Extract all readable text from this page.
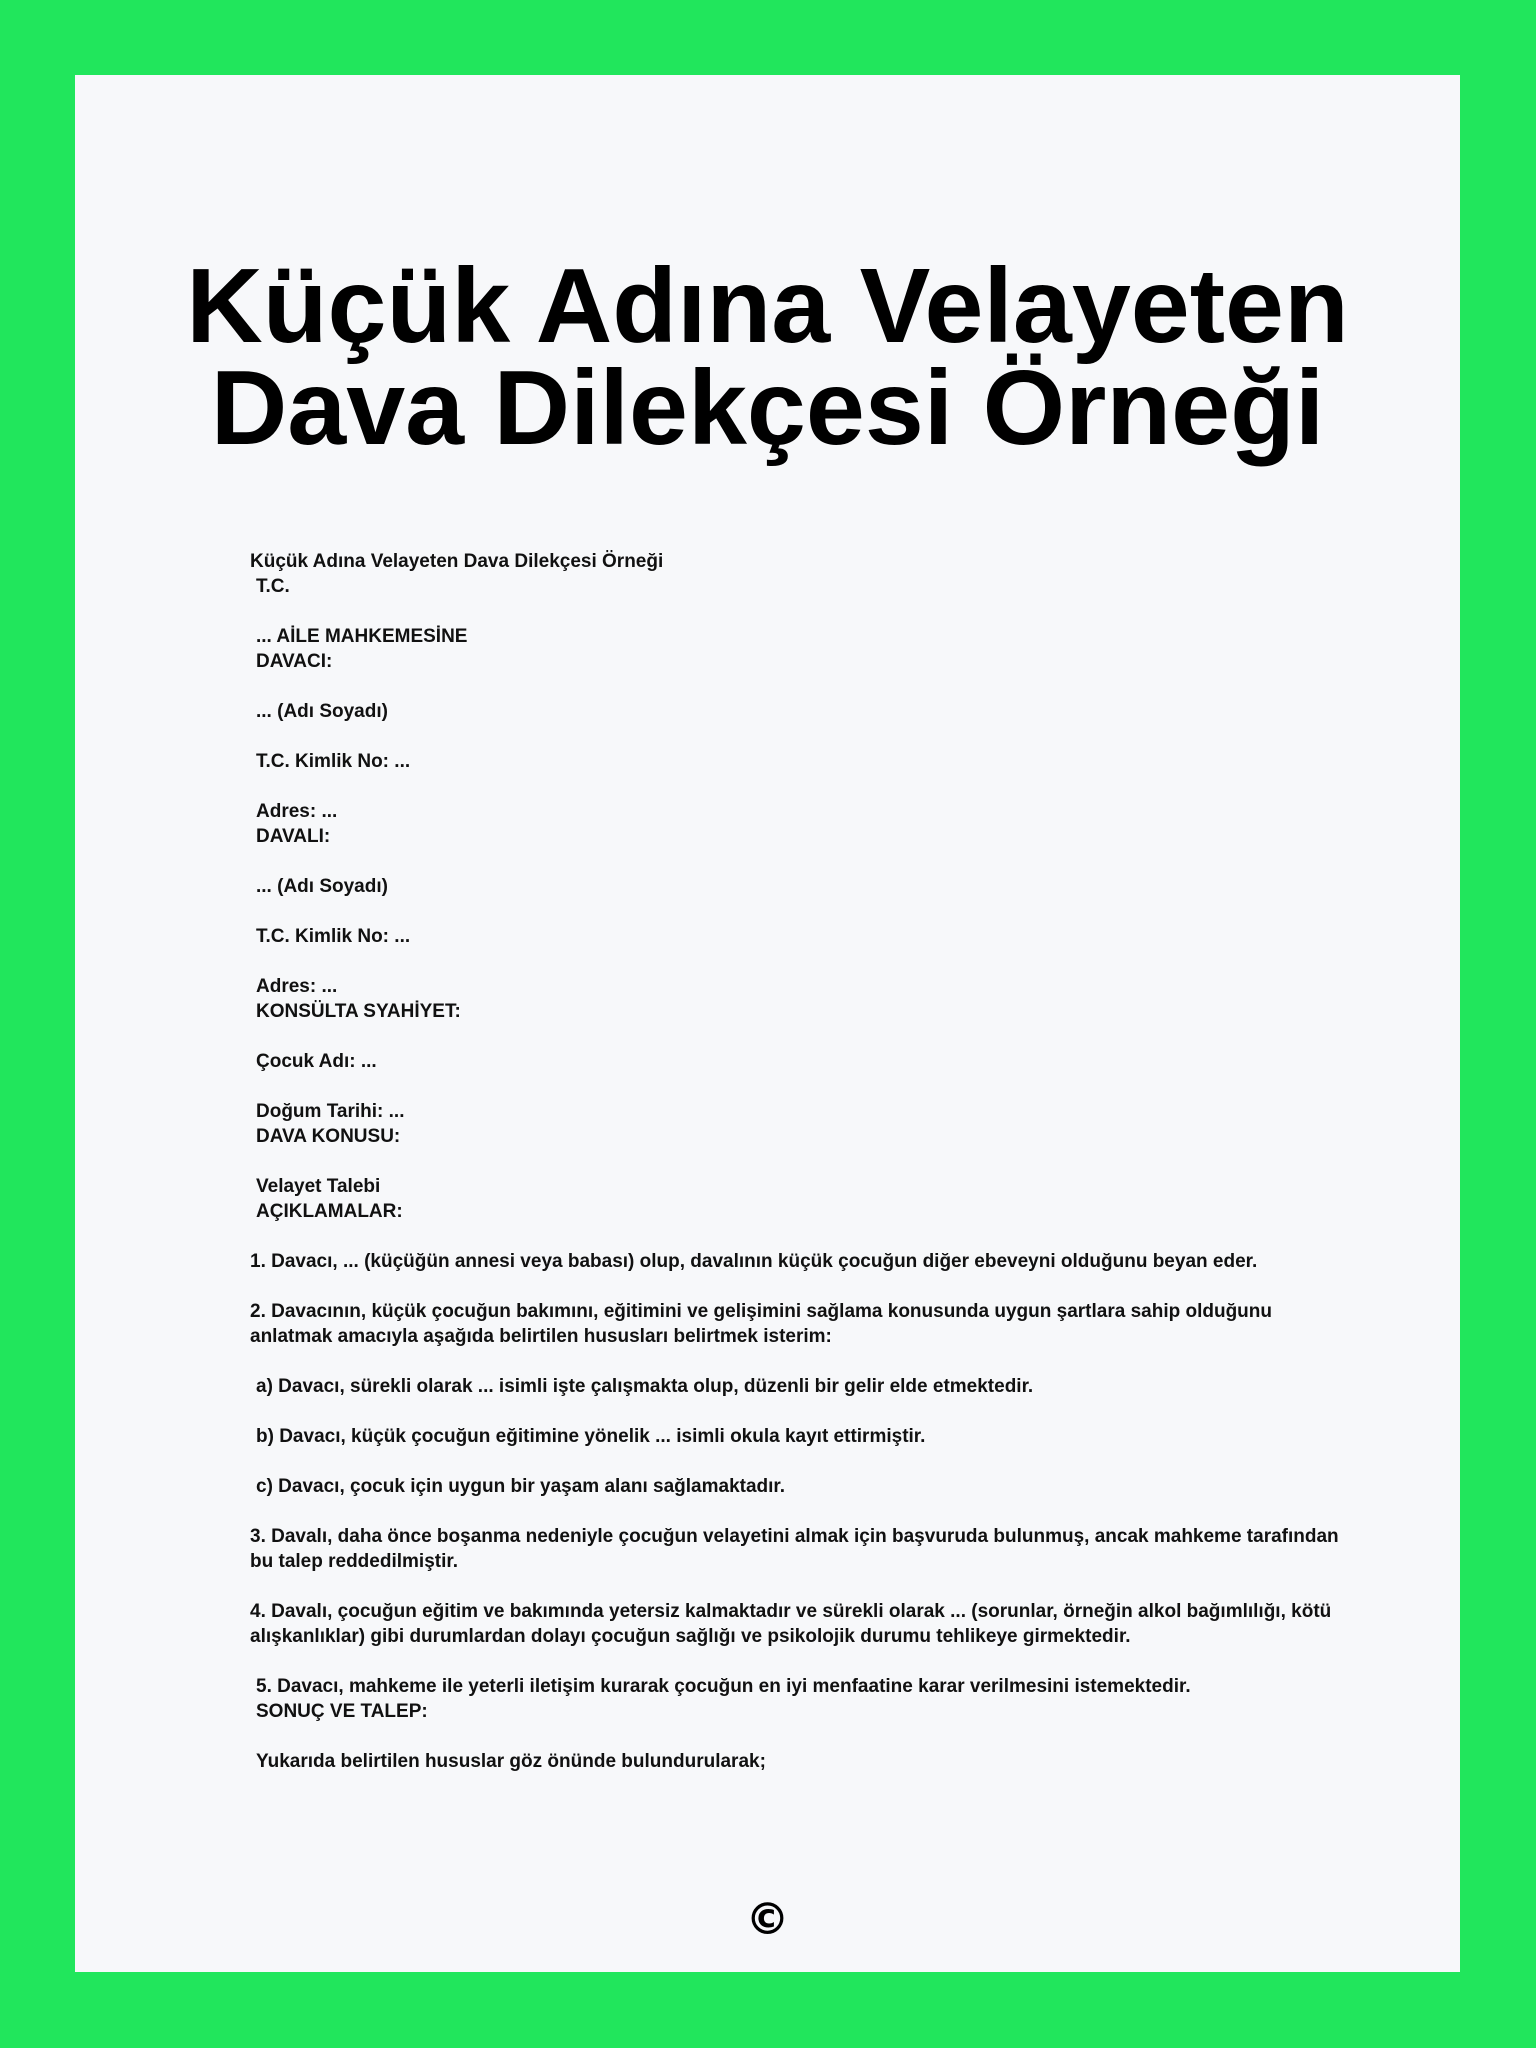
Küçük Adına Velayeten Dava Dilekçesi Örneği
Küçük Adına Velayeten Dava Dilekçesi Örneği
T.C.
... AİLE MAHKEMESİNE
DAVACI:
... (Adı Soyadı)
T.C. Kimlik No: ...
Adres: ...
DAVALI:
... (Adı Soyadı)
T.C. Kimlik No: ...
Adres: ...
KONSÜLTA SYAHİYET:
Çocuk Adı: ...
Doğum Tarihi: ...
DAVA KONUSU:
Velayet Talebi
AÇIKLAMALAR:
1. Davacı, ... (küçüğün annesi veya babası) olup, davalının küçük çocuğun diğer ebeveyni olduğunu beyan eder.
2. Davacının, küçük çocuğun bakımını, eğitimini ve gelişimini sağlama konusunda uygun şartlara sahip olduğunu anlatmak amacıyla aşağıda belirtilen hususları belirtmek isterim:
a) Davacı, sürekli olarak ... isimli işte çalışmakta olup, düzenli bir gelir elde etmektedir.
b) Davacı, küçük çocuğun eğitimine yönelik ... isimli okula kayıt ettirmiştir.
c) Davacı, çocuk için uygun bir yaşam alanı sağlamaktadır.
3. Davalı, daha önce boşanma nedeniyle çocuğun velayetini almak için başvuruda bulunmuş, ancak mahkeme tarafından bu talep reddedilmiştir.
4. Davalı, çocuğun eğitim ve bakımında yetersiz kalmaktadır ve sürekli olarak ... (sorunlar, örneğin alkol bağımlılığı, kötü alışkanlıklar) gibi durumlardan dolayı çocuğun sağlığı ve psikolojik durumu tehlikeye girmektedir.
5. Davacı, mahkeme ile yeterli iletişim kurarak çocuğun en iyi menfaatine karar verilmesini istemektedir.
SONUÇ VE TALEP:
Yukarıda belirtilen hususlar göz önünde bulundurularak;
©
